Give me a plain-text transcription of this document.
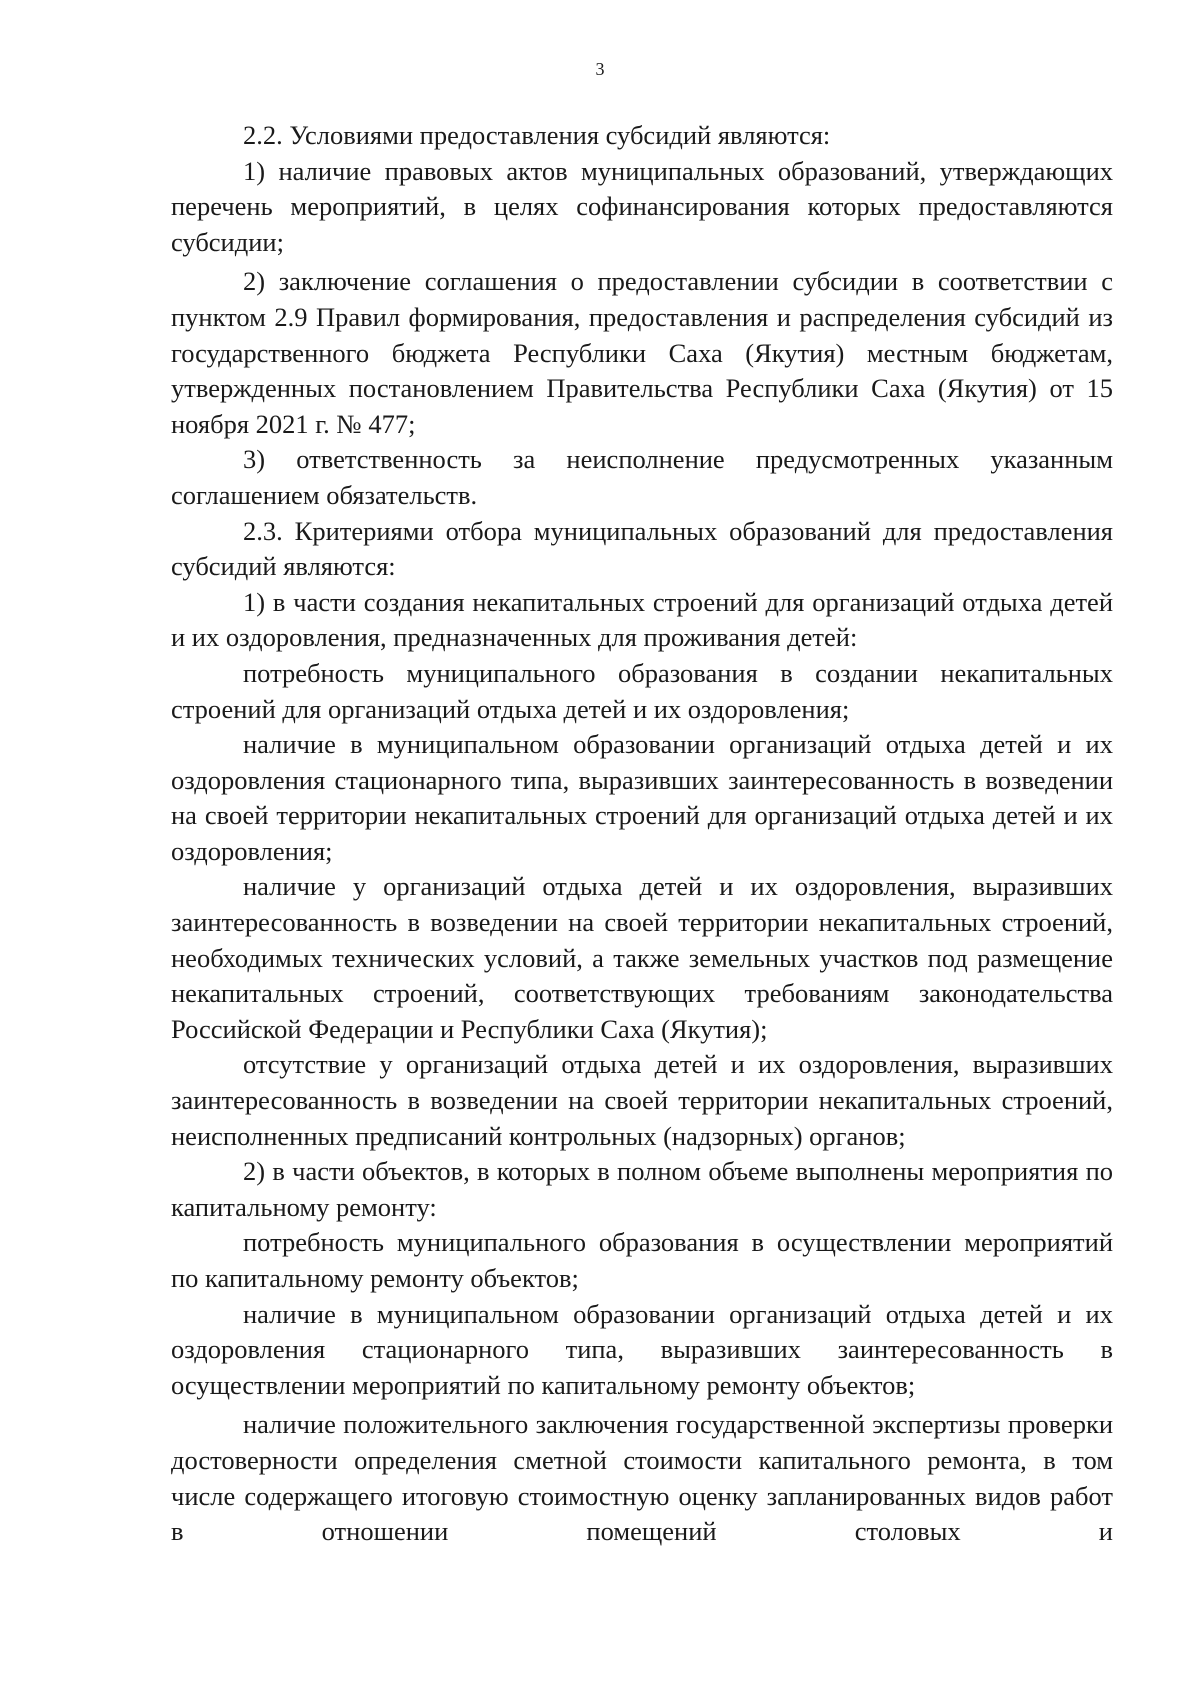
3

2.2. Условиями предоставления субсидий являются:

1) наличие правовых актов муниципальных образований, утверждающих перечень мероприятий, в целях софинансирования которых предоставляются субсидии;

2) заключение соглашения о предоставлении субсидии в соответствии с пунктом 2.9 Правил формирования, предоставления и распределения субсидий из государственного бюджета Республики Саха (Якутия) местным бюджетам, утвержденных постановлением Правительства Республики Саха (Якутия) от 15 ноября 2021 г. № 477;

3) ответственность за неисполнение предусмотренных указанным соглашением обязательств.

2.3. Критериями отбора муниципальных образований для предоставления субсидий являются:

1) в части создания некапитальных строений для организаций отдыха детей и их оздоровления, предназначенных для проживания детей:

потребность муниципального образования в создании некапитальных строений для организаций отдыха детей и их оздоровления;

наличие в муниципальном образовании организаций отдыха детей и их оздоровления стационарного типа, выразивших заинтересованность в возведении на своей территории некапитальных строений для организаций отдыха детей и их оздоровления;

наличие у организаций отдыха детей и их оздоровления, выразивших заинтересованность в возведении на своей территории некапитальных строений, необходимых технических условий, а также земельных участков под размещение некапитальных строений, соответствующих требованиям законодательства Российской Федерации и Республики Саха (Якутия);

отсутствие у организаций отдыха детей и их оздоровления, выразивших заинтересованность в возведении на своей территории некапитальных строений, неисполненных предписаний контрольных (надзорных) органов;

2) в части объектов, в которых в полном объеме выполнены мероприятия по капитальному ремонту:

потребность муниципального образования в осуществлении мероприятий по капитальному ремонту объектов;

наличие в муниципальном образовании организаций отдыха детей и их оздоровления стационарного типа, выразивших заинтересованность в осуществлении мероприятий по капитальному ремонту объектов;

наличие положительного заключения государственной экспертизы проверки достоверности определения сметной стоимости капитального ремонта, в том числе содержащего итоговую стоимостную оценку запланированных видов работ в отношении помещений столовых и
